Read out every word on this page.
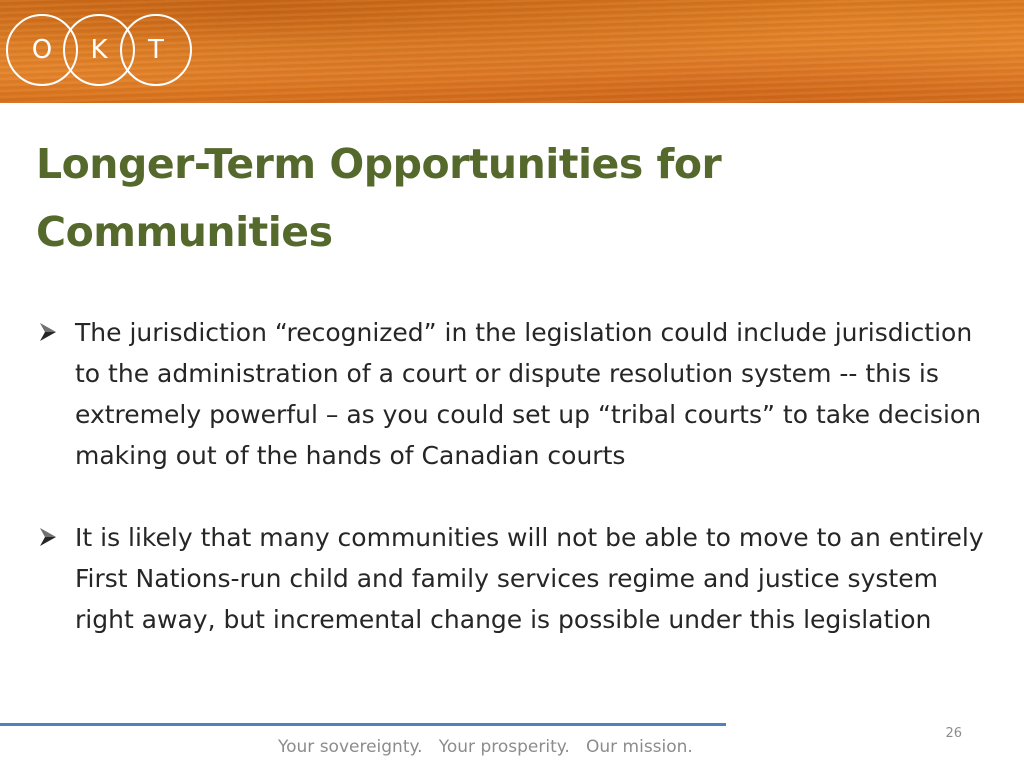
O	K	T
Longer-Term Opportunities for
Communities
The jurisdiction “recognized” in the legislation could include jurisdiction to the administration of a court or dispute resolution system -- this is extremely powerful – as you could set up “tribal courts” to take decision making out of the hands of Canadian courts
It is likely that many communities will not be able to move to an entirely First Nations-run child and family services regime and justice system right away, but incremental change is possible under this legislation
26
Your sovereignty.   Your prosperity.   Our mission.
